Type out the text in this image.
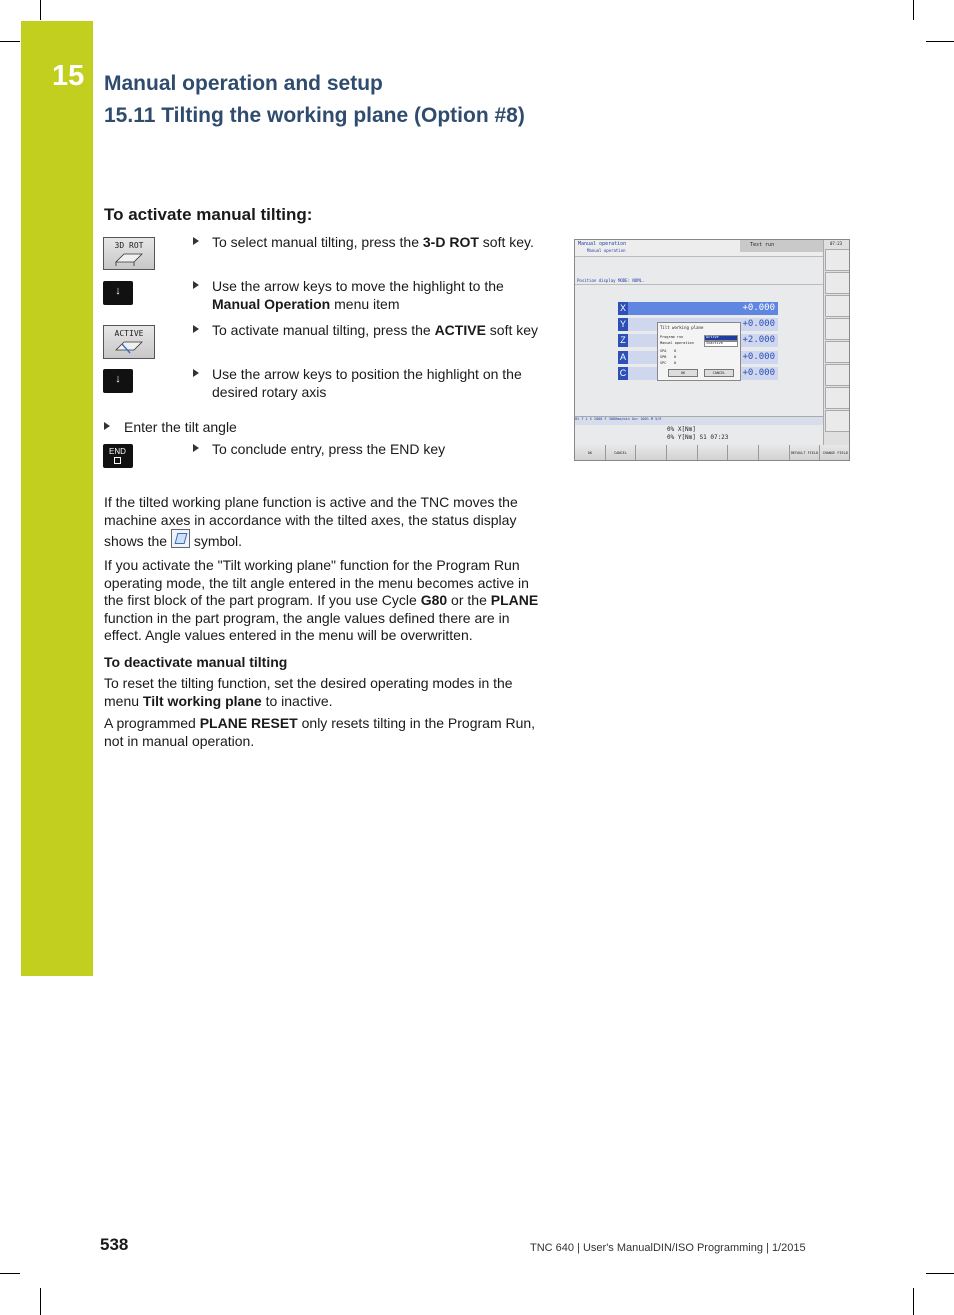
15 Manual operation and setup
15.11 Tilting the working plane (Option #8)
To activate manual tilting:
3D ROT
↓
ACTIVE
↓
END
To select manual tilting, press the 3-D ROT soft key.
Use the arrow keys to move the highlight to the Manual Operation menu item
To activate manual tilting, press the ACTIVE soft key
Use the arrow keys to position the highlight on the desired rotary axis
Enter the tilt angle
To conclude entry, press the END key
If the tilted working plane function is active and the TNC moves the machine axes in accordance with the tilted axes, the status display shows the  symbol.
If you activate the "Tilt working plane" function for the Program Run operating mode, the tilt angle entered in the menu becomes active in the first block of the part program. If you use Cycle G80 or the PLANE function in the part program, the angle values defined there are in effect. Angle values entered in the menu will be overwritten.
To deactivate manual tilting
To reset the tilting function, set the desired operating modes in the menu Tilt working plane to inactive.
A programmed PLANE RESET only resets tilting in the Program Run, not in manual operation.
Manual operation
Manual operation
Test run
Position display MODE: NOML.
X	+0.000
Y	+0.000
Z	+2.000
A	+0.000
C	+0.000
Tilt working plane
Program run	Active
Manual operation	Inactive
SPA 0
SPB 0
SPC 0
OK	CANCEL
0% T 1 S 2000 F 3000mm/min Ovr 100% M 5/9
0% X[Nm]
0% Y[Nm] S1 07:23
07:23
OK	CANCEL	DEFAULT FIELD	CHANGE FIELD
538	TNC 640 | User's ManualDIN/ISO Programming | 1/2015
